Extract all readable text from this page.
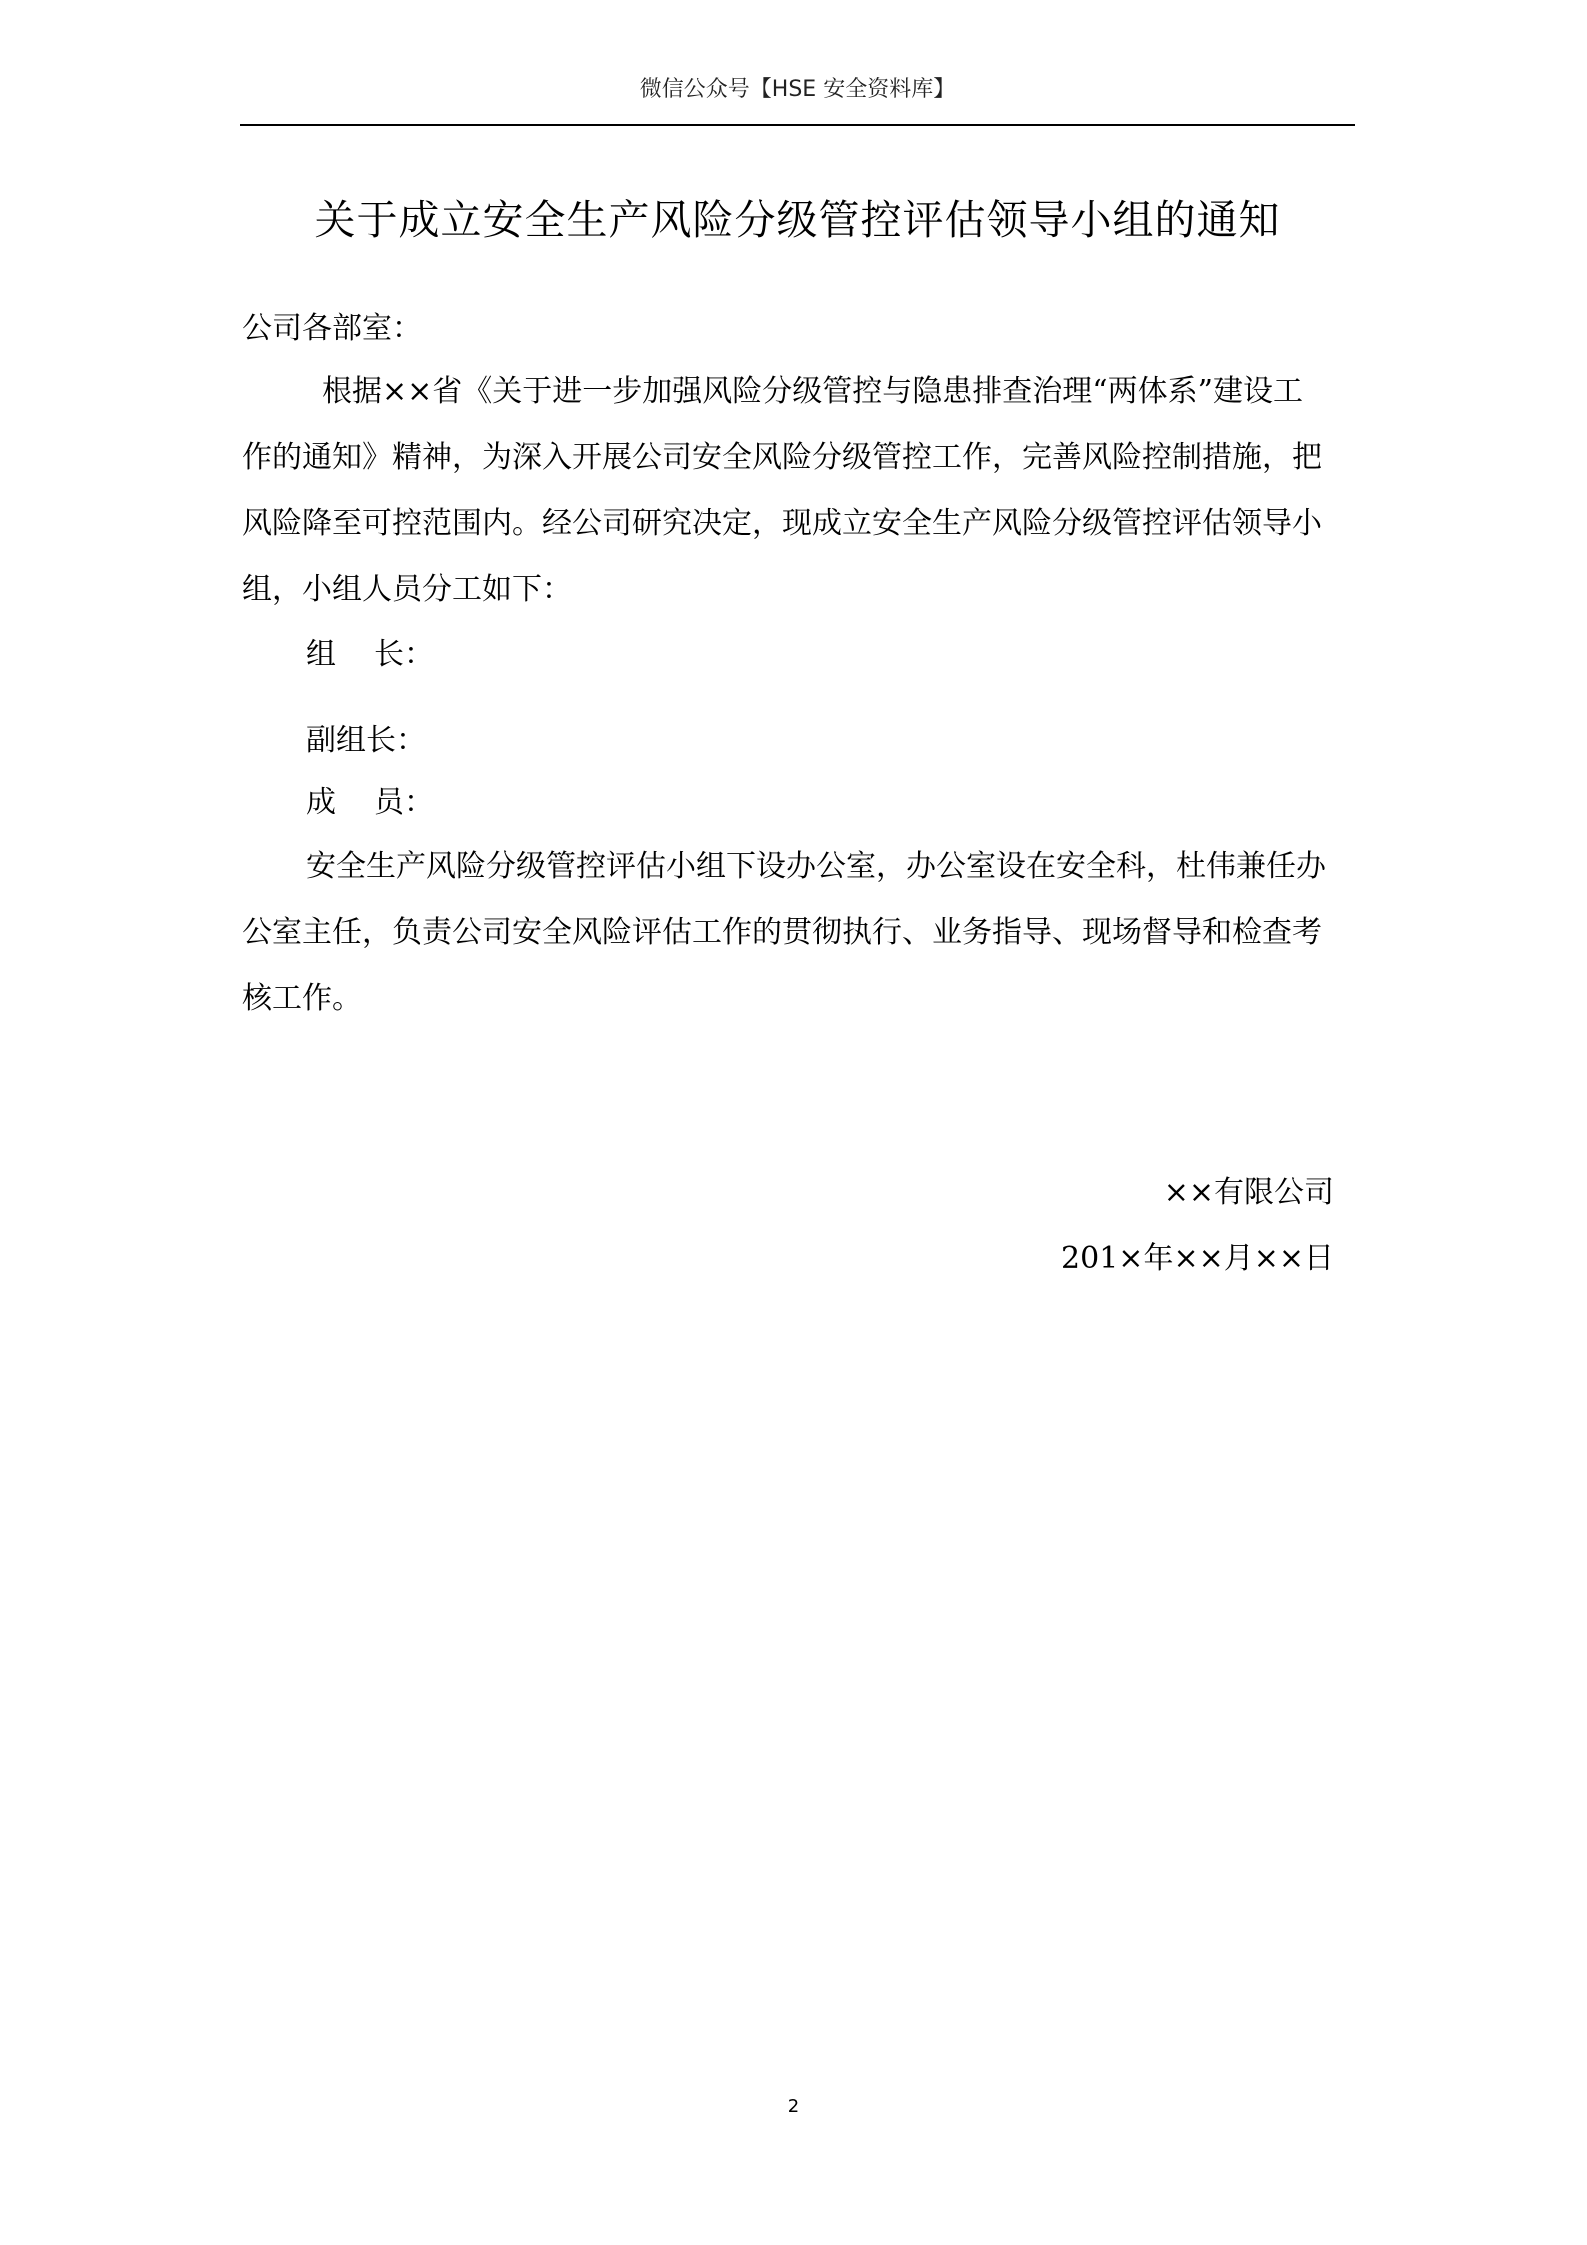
微信公众号【HSE 安全资料库】
关于成立安全生产风险分级管控评估领导小组的通知
公司各部室：
根据××省《关于进一步加强风险分级管控与隐患排查治理“两体系”建设工作的通知》精神，为深入开展公司安全风险分级管控工作，完善风险控制措施，把风险降至可控范围内。经公司研究决定，现成立安全生产风险分级管控评估领导小组，小组人员分工如下：
组 长：
副组长：
成 员：
安全生产风险分级管控评估小组下设办公室，办公室设在安全科，杜伟兼任办公室主任，负责公司安全风险评估工作的贯彻执行、业务指导、现场督导和检查考核工作。
××有限公司
201×年××月××日
2
